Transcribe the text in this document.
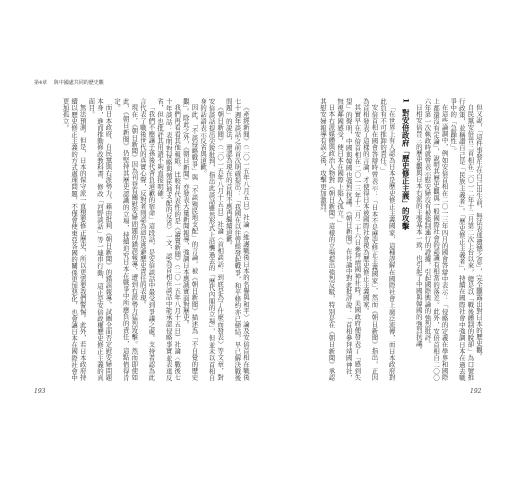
第4章 與中國處共同的歷史觀

但又說，「這件事發生在自己出生前，無法表達遺憾之意」，完全顯露出對日本的歷史觀。

自民黨安倍晉三首相在二〇一二年十二月第二次上台以來，總是以「戰後體制的脫卻」為口號推行政策，並稱讚自己是「民族主義者」。「歷史修正主義者」，持續在國際社會中強調日本在過去戰爭中的「急躁性」。

在這些論調中，例如安倍首相在二〇一三年四月的國會答辯中表示：「侵略的定義在學界和國際上都還沒有定論」，說明其歷史觀與一般國際社會的認識有相當的落差。此外，安倍首相自二〇〇六年第一次執政時就曾表示慰安婦沒有被強制連行的證據，引起國際輿論的強烈批評。

日相安倍晉三的歷史觀與日本右派的主張基本一致，也引起了中國與韓國的強烈抗議。

1 對安倍政府「歷史修正主義」的攻擊

「在世界上有人認為日本是歷史修正主義國家，這種誤解在國際社會上廣泛流傳，而日本政府對此負有不可推卸的責任。」

安倍首相在國會答辯時曾表示：「日本不是歷史修正主義國家」，然而《朝日新聞》指出，正因為首相發表了這樣的言論，才使得日本被國際社會視為歷史修正主義國家。

其實早在安倍首相在二〇一三年十二月二十六日參拜靖國神社時，美國政府便發表了「感到失望」的聲明，中國與韓國也強烈抗議。《朝日新聞》在社論中對此批評說：「首相參拜靖國神社，無視鄰國感受，使日本在國際上陷入孤立。」

日本右派媒體與政治人物對《朝日新聞》這樣的立場提出強烈反駁，特別是在《朝日新聞》承認其慰安婦報導有誤之後，攻擊更加激烈。

《產經新聞》（二〇一五年八月五日）社論〈維護戰後日本的名譽與和平〉論及安倍首相在戰後七十週年談話之前首次明確提出：「我國在以往曾經發起戰爭，和平條約亦已締結，早已解決戰後問題」的說法，還認為現在的首相不應再繼續道歉。

《朝日新聞》（二〇一五年八月十五日）社論〈首相談話：到底是為了什麼而發表〉等文章，對安倍談話提出尖銳批判，指出此談話雖然形式上沿襲過去的「歷代內閣的立場」，但並未以首相自身的話語表示反省與道歉。

因此，「不談侵略戰爭」與「不談殖民地支配」的言論，被《朝日新聞》描述為「不自覺的歷史觀」。除此之外，《朝日新聞》亦發表大量新聞報導，強調日本應誠實面對歷史。

我們再看看其他報紙。比較有代表性的是《讀賣新聞》（二〇一五年八月十五日）社論〈戰後七十年談話：表明對侵略與殖民地支配的反省〉一文，認為首相在談話中能承認侵略事實並表達反省，但也批評其用語不夠直接明確。

「我們不應讓子孫後代背負道歉的宿命」這段話，是安倍談話中最受到爭議之處。支持者認為此言代表了戰後世代的真實心聲，反對者則認為這是逃避歷史責任的表現。

現在，《朝日新聞》因為刊登有關慰安婦問題的錯誤報導，遭到右派勢力猛烈攻擊。然而即使如此，《朝日新聞》仍堅持其歷史認識的立場，持續追究日本在戰爭中所應負的責任，這點值得肯定。

而日本政府、自民黨與右派勢力，藉由批判《朝日新聞》的錯誤報導，試圖全面否定慰安婦問題本身，進而推動修改教科書、修改「河野談話」等一連串行動，這正是安倍政權歷史修正主義的真面目。

無法預測。但是，日本的保守派一直想要修正歷史，所以更需要我們警惕。此外，若日本政府持續以歷史修正主義的方式處理問題，不僅會使東亞各國的關係更加惡化，也會讓日本在國際社會中更加孤立。

193	192
